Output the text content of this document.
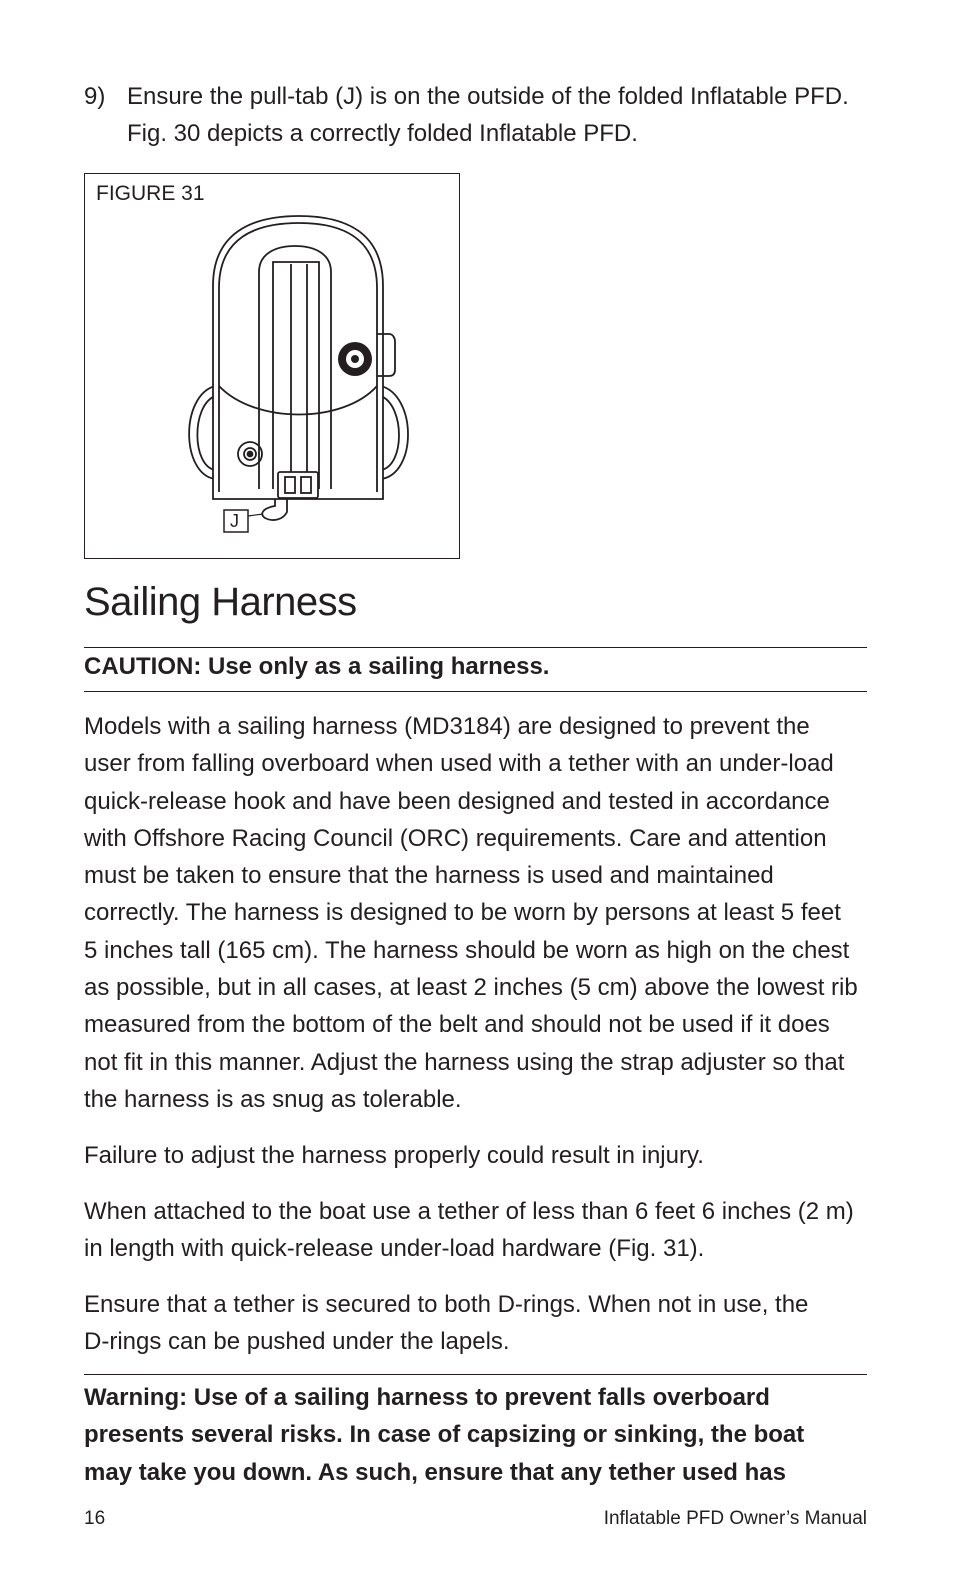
9) Ensure the pull-tab (J) is on the outside of the folded Inflatable PFD.
Fig. 30 depicts a correctly folded Inflatable PFD.
FIGURE 31
J
Sailing Harness
CAUTION: Use only as a sailing harness.
Models with a sailing harness (MD3184) are designed to prevent the
user from falling overboard when used with a tether with an under-load
quick-release hook and have been designed and tested in accordance
with Offshore Racing Council (ORC) requirements. Care and attention
must be taken to ensure that the harness is used and maintained
correctly. The harness is designed to be worn by persons at least 5 feet
5 inches tall (165 cm). The harness should be worn as high on the chest
as possible, but in all cases, at least 2 inches (5 cm) above the lowest rib
measured from the bottom of the belt and should not be used if it does
not fit in this manner. Adjust the harness using the strap adjuster so that
the harness is as snug as tolerable.
Failure to adjust the harness properly could result in injury.
When attached to the boat use a tether of less than 6 feet 6 inches (2 m)
in length with quick-release under-load hardware (Fig. 31).
Ensure that a tether is secured to both D-rings. When not in use, the
D-rings can be pushed under the lapels.
Warning: Use of a sailing harness to prevent falls overboard
presents several risks. In case of capsizing or sinking, the boat
may take you down. As such, ensure that any tether used has
16	Inflatable PFD Owner’s Manual
